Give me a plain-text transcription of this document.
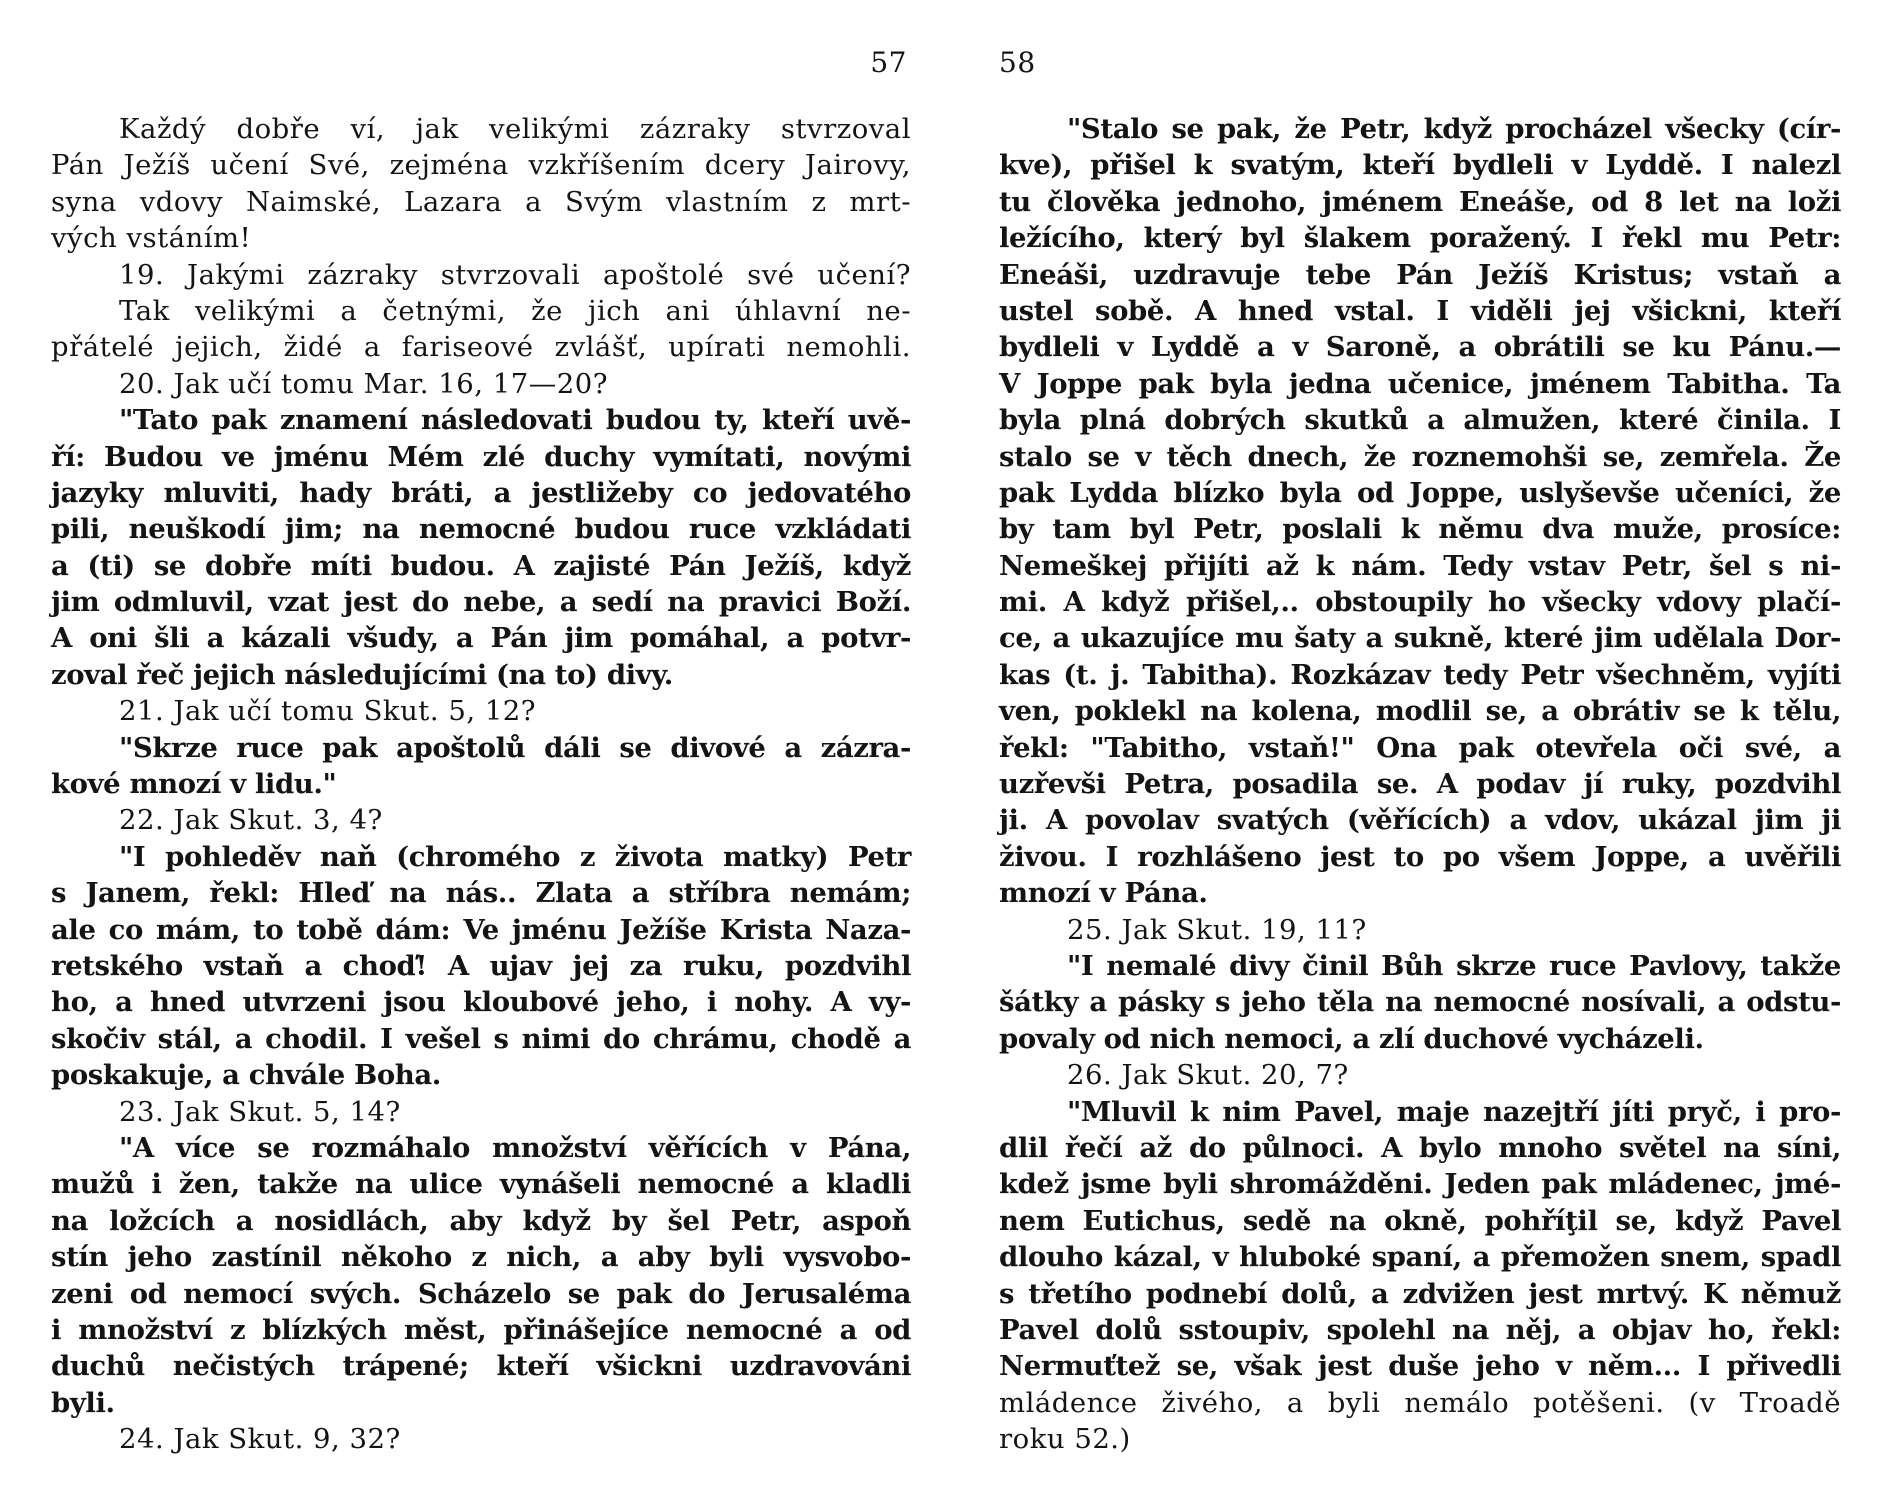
57
Každý dobře ví, jak velikými zázraky stvrzoval
Pán Ježíš učení Své, zejména vzkříšením dcery Jairovy,
syna vdovy Naimské, Lazara a Svým vlastním z mrt-
vých vstáním!
19. Jakými zázraky stvrzovali apoštolé své učení?
Tak velikými a četnými, že jich ani úhlavní ne-
přátelé jejich, židé a fariseové zvlášť, upírati nemohli.
20. Jak učí tomu Mar. 16, 17—20?
"Tato pak znamení následovati budou ty, kteří uvě-
ří: Budou ve jménu Mém zlé duchy vymítati, novými
jazyky mluviti, hady bráti, a jestližeby co jedovatého
pili, neuškodí jim; na nemocné budou ruce vzkládati
a (ti) se dobře míti budou. A zajisté Pán Ježíš, když
jim odmluvil, vzat jest do nebe, a sedí na pravici Boží.
A oni šli a kázali všudy, a Pán jim pomáhal, a potvr-
zoval řeč jejich následujícími (na to) divy.
21. Jak učí tomu Skut. 5, 12?
"Skrze ruce pak apoštolů dáli se divové a zázra-
kové mnozí v lidu."
22. Jak Skut. 3, 4?
"I pohleděv naň (chromého z života matky) Petr
s Janem, řekl: Hleď na nás.. Zlata a stříbra nemám;
ale co mám, to tobě dám: Ve jménu Ježíše Krista Naza-
retského vstaň a choď! A ujav jej za ruku, pozdvihl
ho, a hned utvrzeni jsou kloubové jeho, i nohy. A vy-
skočiv stál, a chodil. I vešel s nimi do chrámu, chodě a
poskakuje, a chvále Boha.
23. Jak Skut. 5, 14?
"A více se rozmáhalo množství věřících v Pána,
mužů i žen, takže na ulice vynášeli nemocné a kladli
na ložcích a nosidlách, aby když by šel Petr, aspoň
stín jeho zastínil někoho z nich, a aby byli vysvobo-
zeni od nemocí svých. Scházelo se pak do Jerusaléma
i množství z blízkých měst, přinášejíce nemocné a od
duchů nečistých trápené; kteří všickni uzdravováni
byli.
24. Jak Skut. 9, 32?
58
"Stalo se pak, že Petr, když procházel všecky (cír-
kve), přišel k svatým, kteří bydleli v Lyddě. I nalezl
tu člověka jednoho, jménem Eneáše, od 8 let na loži
ležícího, který byl šlakem poražený. I řekl mu Petr:
Eneáši, uzdravuje tebe Pán Ježíš Kristus; vstaň a
ustel sobě. A hned vstal. I viděli jej všickni, kteří
bydleli v Lyddě a v Saroně, a obrátili se ku Pánu.—
V Joppe pak byla jedna učenice, jménem Tabitha. Ta
byla plná dobrých skutků a almužen, které činila. I
stalo se v těch dnech, že roznemohši se, zemřela. Že
pak Lydda blízko byla od Joppe, uslyševše učeníci, že
by tam byl Petr, poslali k němu dva muže, prosíce:
Nemeškej přijíti až k nám. Tedy vstav Petr, šel s ni-
mi. A když přišel,.. obstoupily ho všecky vdovy plačí-
ce, a ukazujíce mu šaty a sukně, které jim udělala Dor-
kas (t. j. Tabitha). Rozkázav tedy Petr všechněm, vyjíti
ven, poklekl na kolena, modlil se, a obrátiv se k tělu,
řekl: "Tabitho, vstaň!" Ona pak otevřela oči své, a
uzřevši Petra, posadila se. A podav jí ruky, pozdvihl
ji. A povolav svatých (věřících) a vdov, ukázal jim ji
živou. I rozhlášeno jest to po všem Joppe, a uvěřili
mnozí v Pána.
25. Jak Skut. 19, 11?
"I nemalé divy činil Bůh skrze ruce Pavlovy, takže
šátky a pásky s jeho těla na nemocné nosívali, a odstu-
povaly od nich nemoci, a zlí duchové vycházeli.
26. Jak Skut. 20, 7?
"Mluvil k nim Pavel, maje nazejtří jíti pryč, i pro-
dlil řečí až do půlnoci. A bylo mnoho světel na síni,
kdež jsme byli shromážděni. Jeden pak mládenec, jmé-
nem Eutichus, sedě na okně, pohříţil se, když Pavel
dlouho kázal, v hluboké spaní, a přemožen snem, spadl
s třetího podnebí dolů, a zdvižen jest mrtvý. K němuž
Pavel dolů sstoupiv, spolehl na něj, a objav ho, řekl:
Nermuťtež se, však jest duše jeho v něm... I přivedli
mládence živého, a byli nemálo potěšeni. (v Troadě
roku 52.)
